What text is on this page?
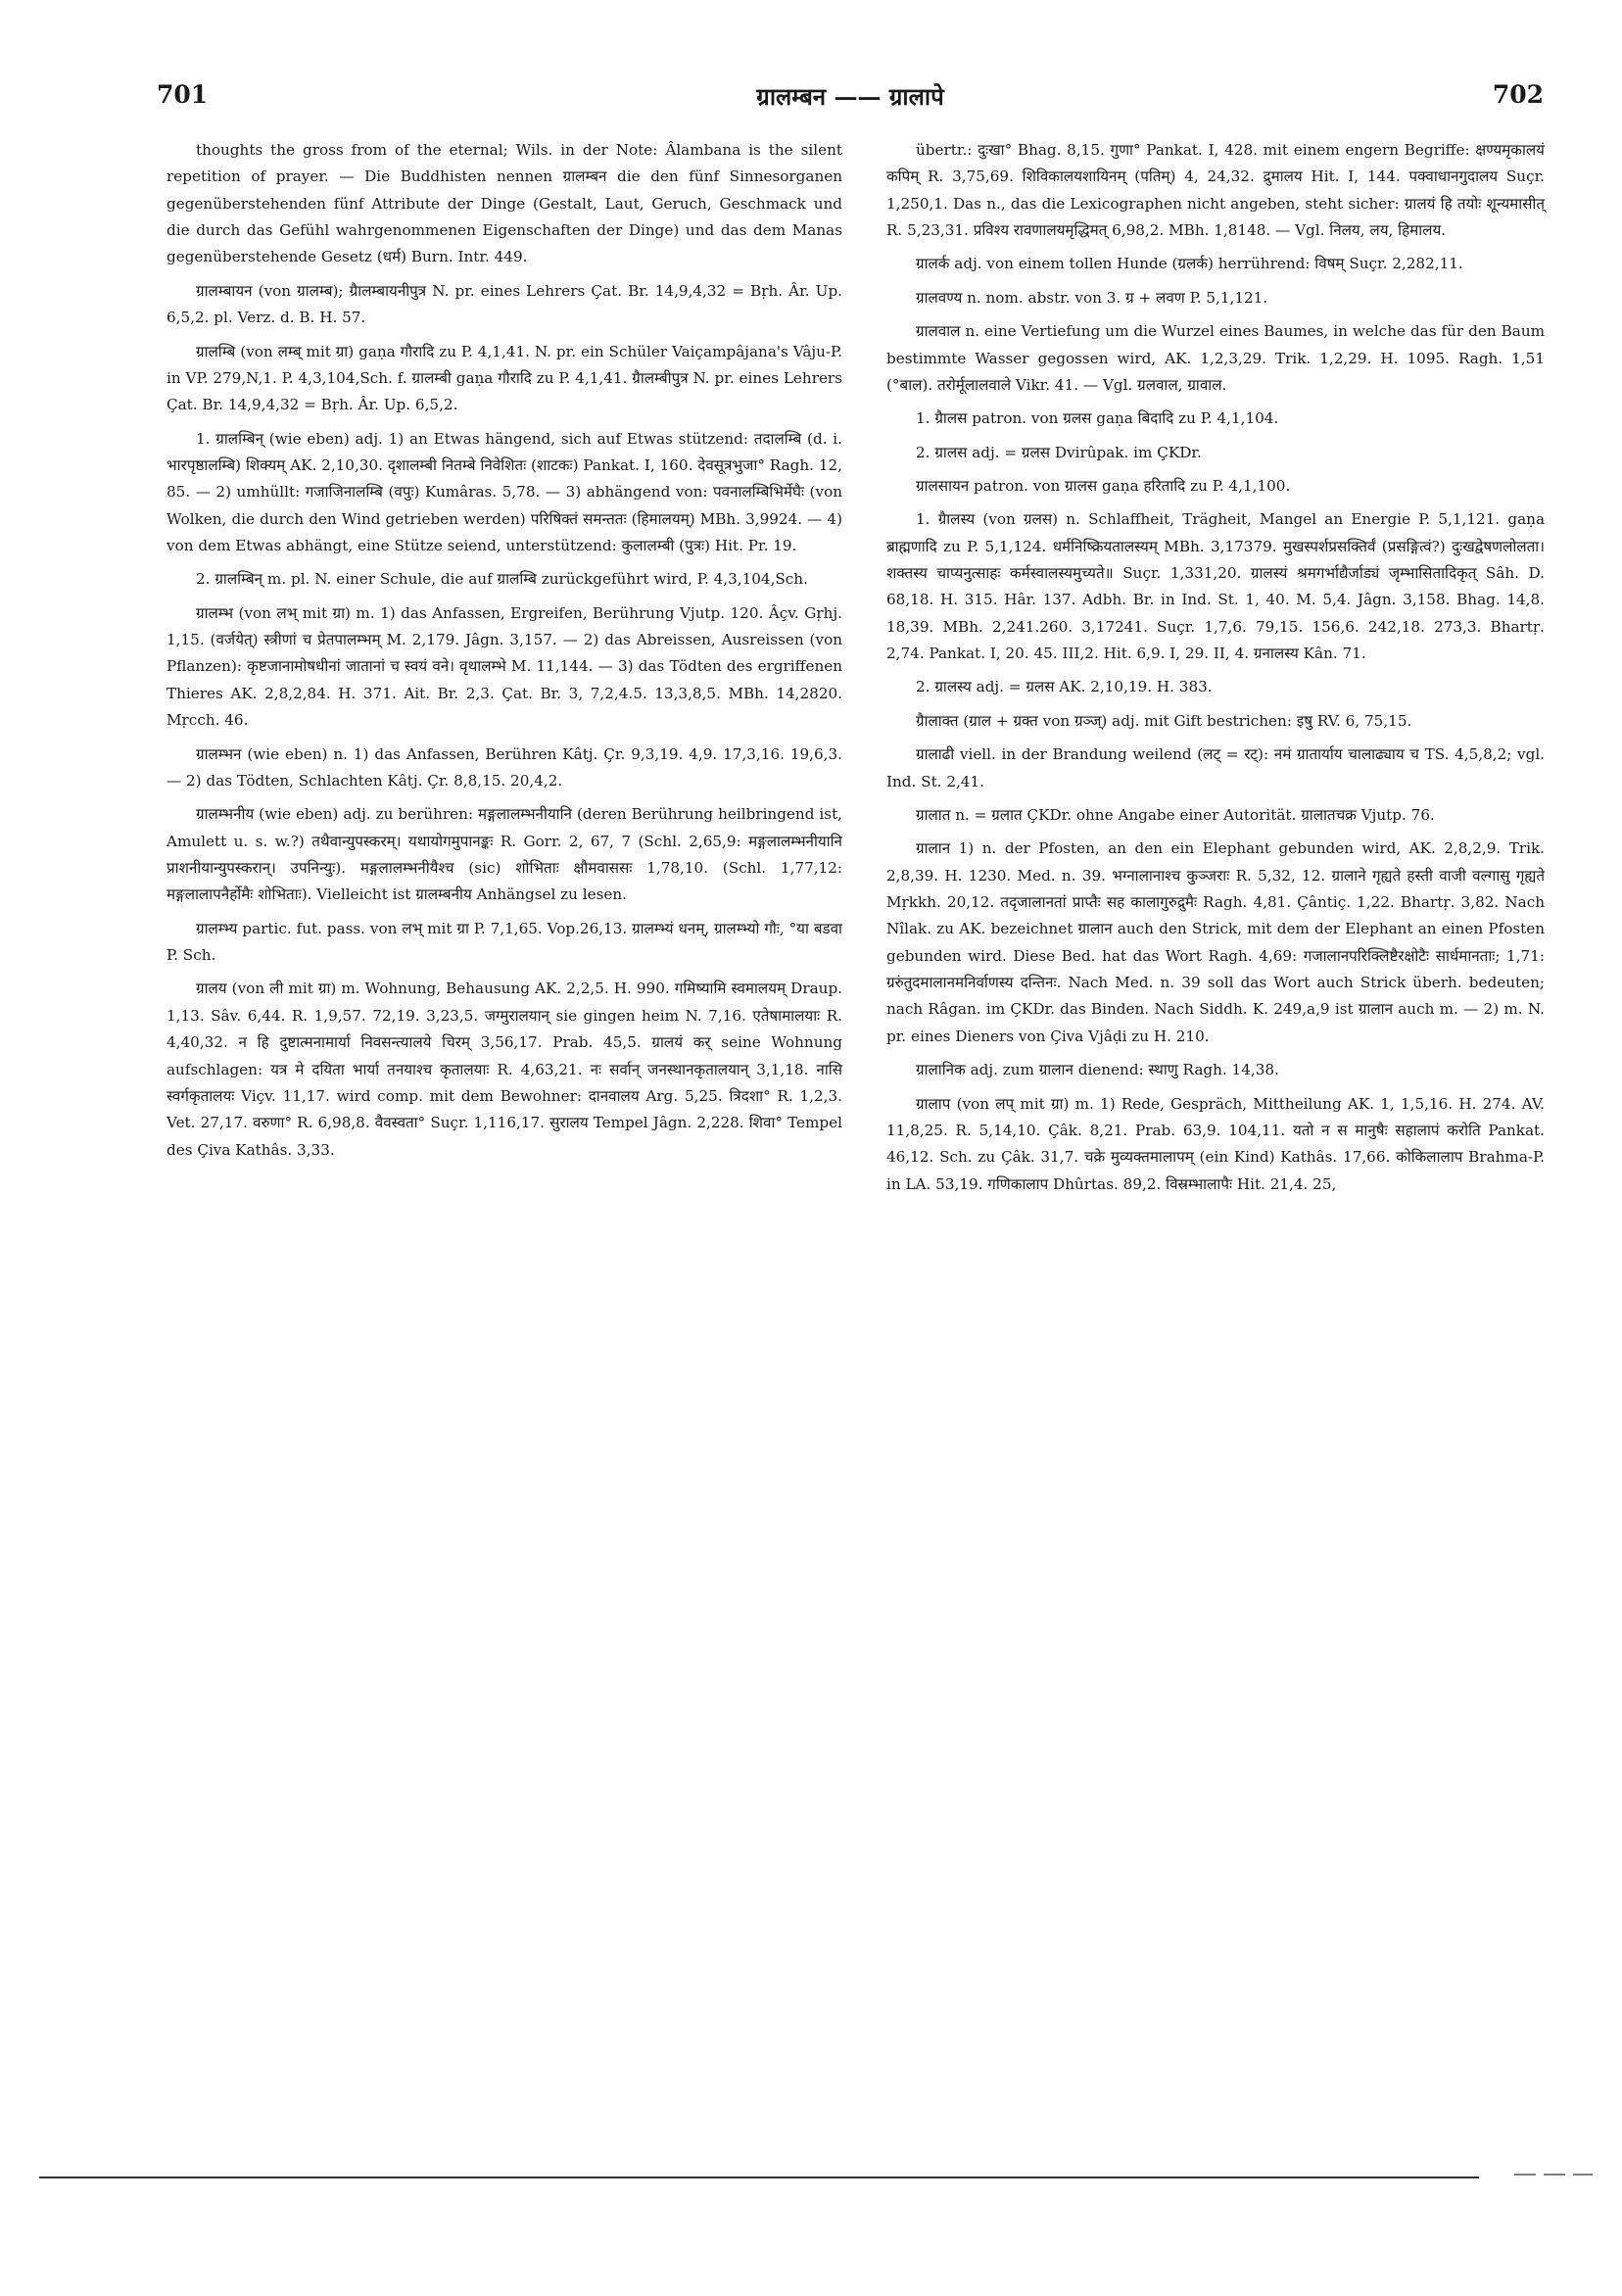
701	ग्रालम्बन —— ग्रालापे	702

thoughts the gross from of the eternal; Wils. in der Note: Âlambana is the silent repetition of prayer. — Die Buddhisten nennen ग्रालम्बन die den fünf Sinnesorganen gegenüberstehenden fünf Attribute der Dinge (Gestalt, Laut, Geruch, Geschmack und die durch das Gefühl wahrgenommenen Eigenschaften der Dinge) und das dem Manas gegenüberstehende Gesetz (धर्म) Burn. Intr. 449.

ग्रालम्बायन (von ग्रालम्ब); ग्रैालम्बायनीपुत्र N. pr. eines Lehrers Çat. Br. 14,9,4,32 = Bṛh. Âr. Up. 6,5,2. pl. Verz. d. B. H. 57.

ग्रालम्बि (von लम्ब् mit ग्रा) gaṇa गौरादि zu P. 4,1,41. N. pr. ein Schüler Vaiçampâjana's Vâju-P. in VP. 279,N,1. P. 4,3,104,Sch. f. ग्रालम्बी gaṇa गौरादि zu P. 4,1,41. ग्रैालम्बीपुत्र N. pr. eines Lehrers Çat. Br. 14,9,4,32 = Bṛh. Âr. Up. 6,5,2.

1. ग्रालम्बिन् (wie eben) adj. 1) an Etwas hängend, sich auf Etwas stützend: तदालम्बि (d. i. भारपृष्ठालम्बि) शिक्यम् AK. 2,10,30. दृशालम्बी नितम्बे निवेशितः (शाटकः) Pankat. I, 160. देवसूत्रभुजा° Ragh. 12, 85. — 2) umhüllt: गजाजिनालम्बि (वपुः) Kumâras. 5,78. — 3) abhängend von: पवनालम्बिभिर्मेघैः (von Wolken, die durch den Wind getrieben werden) परिषिक्तं समन्ततः (हिमालयम्) MBh. 3,9924. — 4) von dem Etwas abhängt, eine Stütze seiend, unterstützend: कुलालम्बी (पुत्रः) Hit. Pr. 19.

2. ग्रालम्बिन् m. pl. N. einer Schule, die auf ग्रालम्बि zurückgeführt wird, P. 4,3,104,Sch.

ग्रालम्भ (von लभ् mit ग्रा) m. 1) das Anfassen, Ergreifen, Berührung Vjutp. 120. Âçv. Gṛhj. 1,15. (वर्जयेत्) स्त्रीणां च प्रेतपालम्भम् M. 2,179. Jâgn. 3,157. — 2) das Abreissen, Ausreissen (von Pflanzen): कृष्टजानामोषधीनां जातानां च स्वयं वने। वृथालम्भे M. 11,144. — 3) das Tödten des ergriffenen Thieres AK. 2,8,2,84. H. 371. Ait. Br. 2,3. Çat. Br. 3, 7,2,4.5. 13,3,8,5. MBh. 14,2820. Mṛcch. 46.

ग्रालम्भन (wie eben) n. 1) das Anfassen, Berühren Kâtj. Çr. 9,3,19. 4,9. 17,3,16. 19,6,3. — 2) das Tödten, Schlachten Kâtj. Çr. 8,8,15. 20,4,2.

ग्रालम्भनीय (wie eben) adj. zu berühren: मङ्गलालम्भनीयानि (deren Berührung heilbringend ist, Amulett u. s. w.?) तथैवान्युपस्करम्। यथायोगमुपानङ्कः R. Gorr. 2, 67, 7 (Schl. 2,65,9: मङ्गलालम्भनीयानि प्राशनीयान्युपस्करान्। उपनिन्युः). मङ्गलालम्भनीयैश्च (sic) शोभिताः क्षौमवाससः 1,78,10. (Schl. 1,77,12: मङ्गलालापनैर्होमैः शोभिताः). Vielleicht ist ग्रालम्बनीय Anhängsel zu lesen.

ग्रालम्भ्य partic. fut. pass. von लभ् mit ग्रा P. 7,1,65. Vop.26,13. ग्रालम्भ्यं धनम्, ग्रालम्भ्यो गौः, °या बडवा P. Sch.

ग्रालय (von ली mit ग्रा) m. Wohnung, Behausung AK. 2,2,5. H. 990. गमिष्यामि स्वमालयम् Draup. 1,13. Sâv. 6,44. R. 1,9,57. 72,19. 3,23,5. जग्मुरालयान् sie gingen heim N. 7,16. एतेषामालयाः R. 4,40,32. न हि दुष्टात्मनामार्या निवसन्त्यालये चिरम् 3,56,17. Prab. 45,5. ग्रालयं कर् seine Wohnung aufschlagen: यत्र मे दयिता भार्या तनयाश्च कृतालयाः R. 4,63,21. नः सर्वान् जनस्थानकृतालयान् 3,1,18. नासि स्वर्गकृतालयः Viçv. 11,17. wird comp. mit dem Bewohner: दानवालय Arg. 5,25. त्रिदशा° R. 1,2,3. Vet. 27,17. वरुणा° R. 6,98,8. वैवस्वता° Suçr. 1,116,17. सुरालय Tempel Jâgn. 2,228. शिवा° Tempel des Çiva Kathâs. 3,33.

übertr.: दुःखा° Bhag. 8,15. गुणा° Pankat. I, 428. mit einem engern Begriffe: क्षण्यमृकालयं कपिम् R. 3,75,69. शिविकालयशायिनम् (पतिम्) 4, 24,32. द्रुमालय Hit. I, 144. पक्वाधानगुदालय Suçr. 1,250,1. Das n., das die Lexicographen nicht angeben, steht sicher: ग्रालयं हि तयोः शून्यमासीत् R. 5,23,31. प्रविश्य रावणालयमृद्धिमत् 6,98,2. MBh. 1,8148. — Vgl. निलय, लय, हिमालय.

ग्रालर्क adj. von einem tollen Hunde (ग्रलर्क) herrührend: विषम् Suçr. 2,282,11.

ग्रालवण्य n. nom. abstr. von 3. ग्र + लवण P. 5,1,121.

ग्रालवाल n. eine Vertiefung um die Wurzel eines Baumes, in welche das für den Baum bestimmte Wasser gegossen wird, AK. 1,2,3,29. Trik. 1,2,29. H. 1095. Ragh. 1,51 (°बाल). तरोर्मूलालवाले Vikr. 41. — Vgl. ग्रलवाल, ग्रावाल.

1. ग्रैालस patron. von ग्रलस gaṇa बिदादि zu P. 4,1,104.

2. ग्रालस adj. = ग्रलस Dvirûpak. im ÇKDr.

ग्रालसायन patron. von ग्रालस gaṇa हरितादि zu P. 4,1,100.

1. ग्रैालस्य (von ग्रलस) n. Schlaffheit, Trägheit, Mangel an Energie P. 5,1,121. gaṇa ब्राह्मणादि zu P. 5,1,124. धर्मनिष्क्रियतालस्यम् MBh. 3,17379. मुखस्पर्शप्रसक्तिर्वं (प्रसङ्गित्वं?) दुःखद्वेषणलोलता। शक्तस्य चाप्यनुत्साहः कर्मस्वालस्यमुच्यते॥ Suçr. 1,331,20. ग्रालस्यं श्रमगर्भाद्यैर्जाड्यं जृम्भासितादिकृत् Sâh. D. 68,18. H. 315. Hâr. 137. Adbh. Br. in Ind. St. 1, 40. M. 5,4. Jâgn. 3,158. Bhag. 14,8. 18,39. MBh. 2,241.260. 3,17241. Suçr. 1,7,6. 79,15. 156,6. 242,18. 273,3. Bhartṛ. 2,74. Pankat. I, 20. 45. III,2. Hit. 6,9. I, 29. II, 4. ग्रनालस्य Kân. 71.

2. ग्रालस्य adj. = ग्रलस AK. 2,10,19. H. 383.

ग्रैालाक्त (ग्राल + ग्रक्त von ग्रञ्ज्) adj. mit Gift bestrichen: इषु RV. 6, 75,15.

ग्रालाढी viell. in der Brandung weilend (लट् = रट्): नमं ग्रातार्याय चालाढ्याय च TS. 4,5,8,2; vgl. Ind. St. 2,41.

ग्रालात n. = ग्रलात ÇKDr. ohne Angabe einer Autorität. ग्रालातचक्र Vjutp. 76.

ग्रालान 1) n. der Pfosten, an den ein Elephant gebunden wird, AK. 2,8,2,9. Trik. 2,8,39. H. 1230. Med. n. 39. भग्नालानाश्च कुञ्जराः R. 5,32, 12. ग्रालाने गृह्यते हस्ती वाजी वल्गासु गृह्यते Mṛkkh. 20,12. तदृजालानतां प्राप्तैः सह कालागुरुद्रुमैः Ragh. 4,81. Çântiç. 1,22. Bhartṛ. 3,82. Nach Nîlak. zu AK. bezeichnet ग्रालान auch den Strick, mit dem der Elephant an einen Pfosten gebunden wird. Diese Bed. hat das Wort Ragh. 4,69: गजालानपरिक्लिष्टैरक्षोटैः सार्धमानताः; 1,71: ग्ररुंतुदमालानमनिर्वाणस्य दन्तिनः. Nach Med. n. 39 soll das Wort auch Strick überh. bedeuten; nach Râgan. im ÇKDr. das Binden. Nach Siddh. K. 249,a,9 ist ग्रालान auch m. — 2) m. N. pr. eines Dieners von Çiva Vjâḍi zu H. 210.

ग्रालानिक adj. zum ग्रालान dienend: स्थाणु Ragh. 14,38.

ग्रालाप (von लप् mit ग्रा) m. 1) Rede, Gespräch, Mittheilung AK. 1, 1,5,16. H. 274. AV. 11,8,25. R. 5,14,10. Çâk. 8,21. Prab. 63,9. 104,11. यतो न स मानुषैः सहालापं करोति Pankat. 46,12. Sch. zu Çâk. 31,7. चक्रे मुव्यक्तमालापम् (ein Kind) Kathâs. 17,66. कोकिलालाप Brahma-P. in LA. 53,19. गणिकालाप Dhûrtas. 89,2. विस्रम्भालापैः Hit. 21,4. 25,
